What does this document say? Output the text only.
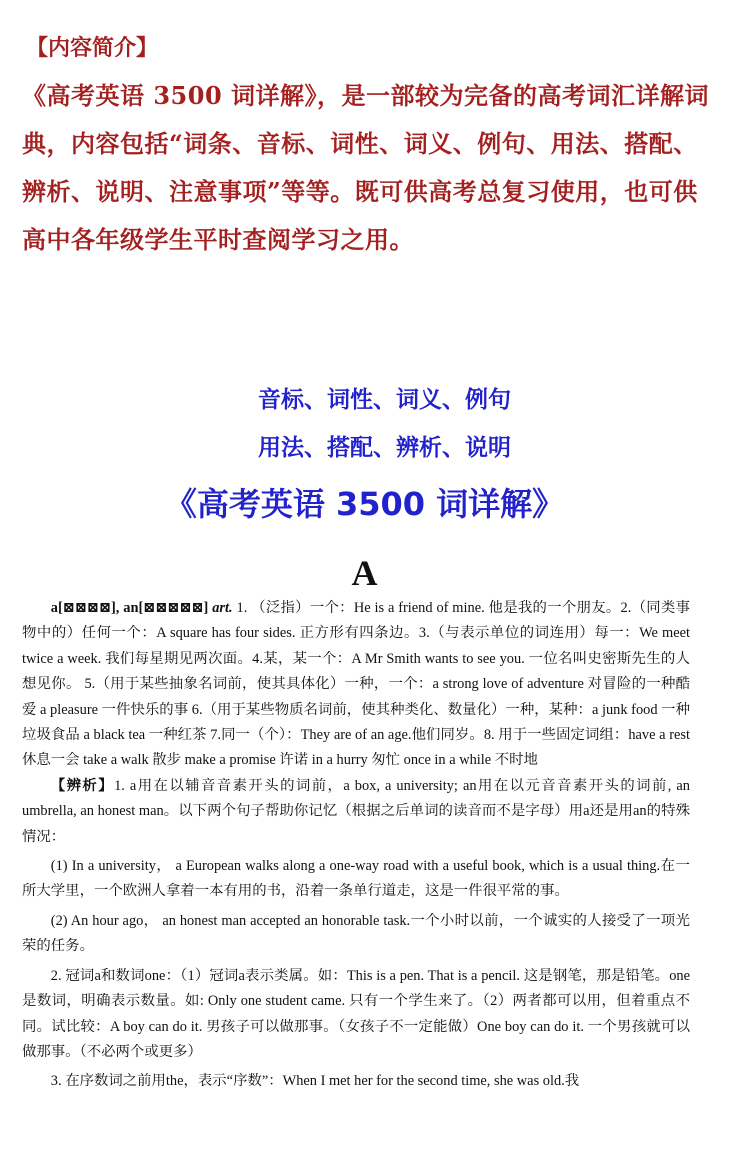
【内容简介】

《高考英语 3500 词详解》，是一部较为完备的高考词汇详解词典，内容包括“词条、音标、词性、词义、例句、用法、搭配、辨析、说明、注意事项”等等。既可供高考总复习使用，也可供高中各年级学生平时查阅学习之用。

音标、词性、词义、例句
用法、搭配、辨析、说明
《高考英语 3500 词详解》
A

a[⊠⊠⊠⊠], an[⊠⊠⊠⊠⊠] art. 1. （泛指）一个：He is a friend of mine. 他是我的一个朋友。2.（同类事物中的）任何一个：A square has four sides. 正方形有四条边。3.（与表示单位的词连用）每一：We meet twice a week. 我们每星期见两次面。4.某，某一个：A Mr Smith wants to see you. 一位名叫史密斯先生的人想见你。 5.（用于某些抽象名词前，使其具体化）一种，一个：a strong love of adventure 对冒险的一种酷爱 a pleasure 一件快乐的事 6.（用于某些物质名词前，使其种类化、数量化）一种，某种：a junk food 一种垃圾食品 a black tea 一种红茶 7.同一（个）：They are of an age.他们同岁。8. 用于一些固定词组：have a rest 休息一会 take a walk 散步 make a promise 许诺 in a hurry 匆忙 once in a while 不时地

【辨析】1. a用在以辅音音素开头的词前，a box, a university; an用在以元音音素开头的词前, an umbrella, an honest man。以下两个句子帮助你记忆（根据之后单词的读音而不是字母）用a还是用an的特殊情况：

(1) In a university， a European walks along a one-way road with a useful book, which is a usual thing.在一所大学里，一个欧洲人拿着一本有用的书，沿着一条单行道走，这是一件很平常的事。

(2) An hour ago， an honest man accepted an honorable task.一个小时以前，一个诚实的人接受了一项光荣的任务。

2. 冠词a和数词one：（1）冠词a表示类属。如：This is a pen. That is a pencil. 这是钢笔，那是铅笔。one是数词，明确表示数量。如: Only one student came. 只有一个学生来了。（2）两者都可以用，但着重点不同。试比较：A boy can do it. 男孩子可以做那事。（女孩子不一定能做）One boy can do it. 一个男孩就可以做那事。（不必两个或更多）

3. 在序数词之前用the，表示“序数”：When I met her for the second time, she was old.我
